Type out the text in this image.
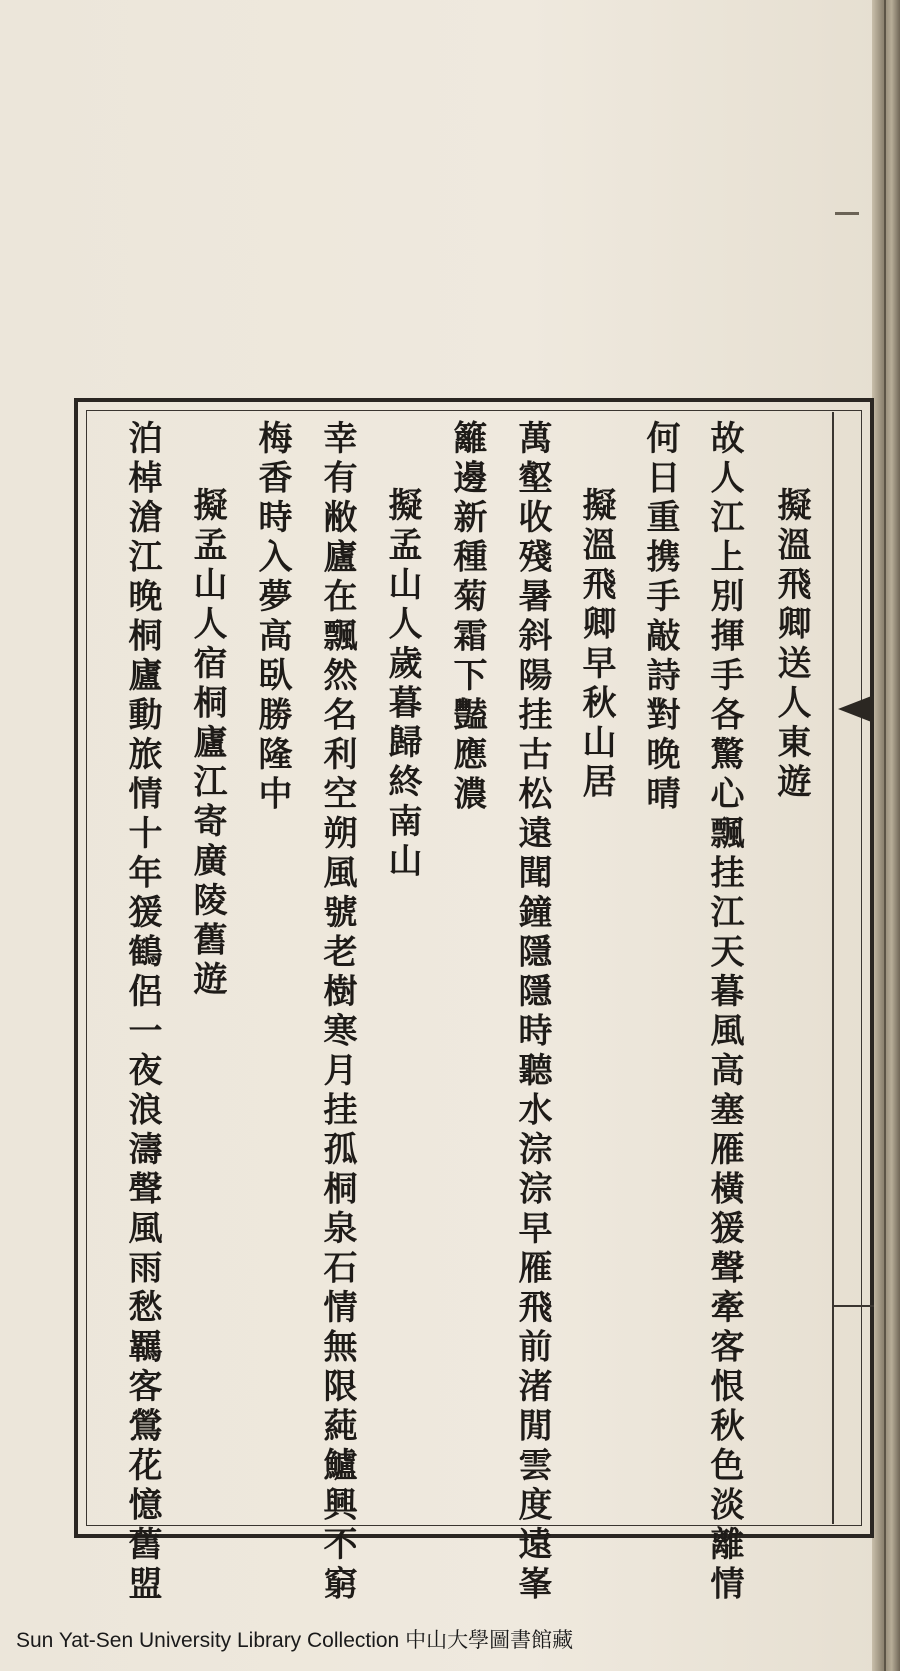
擬溫飛卿送人東遊
故人江上別揮手各驚心飄挂江天暮風高塞雁橫猨聲牽客恨秋色淡離情
何日重携手敲詩對晚晴
擬溫飛卿早秋山居
萬壑收殘暑斜陽挂古松遠聞鐘隱隱時聽水淙淙早雁飛前渚閒雲度遠峯
籬邊新種菊霜下豔應濃
擬孟山人歲暮歸終南山
幸有敝廬在飄然名利空朔風號老樹寒月挂孤桐泉石情無限蒓鱸興不窮
梅香時入夢高臥勝隆中
擬孟山人宿桐廬江寄廣陵舊遊
泊棹滄江晚桐廬動旅情十年猨鶴侶一夜浪濤聲風雨愁羈客鶯花憶舊盟
Sun Yat-Sen University Library Collection 中山大學圖書館藏
